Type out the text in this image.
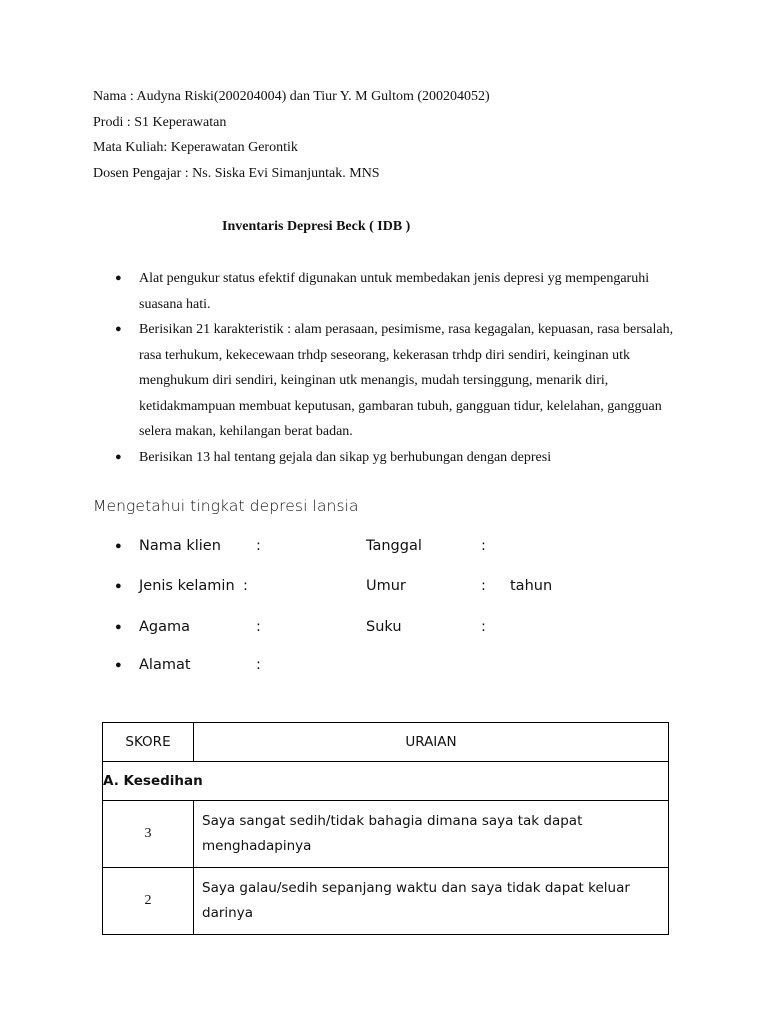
Nama : Audyna Riski(200204004) dan Tiur Y. M Gultom (200204052)
Prodi : S1 Keperawatan
Mata Kuliah: Keperawatan Gerontik
Dosen Pengajar : Ns. Siska Evi Simanjuntak. MNS
Inventaris Depresi Beck ( IDB )
● Alat pengukur status efektif digunakan untuk membedakan jenis depresi yg mempengaruhi suasana hati.
● Berisikan 21 karakteristik : alam perasaan, pesimisme, rasa kegagalan, kepuasan, rasa bersalah, rasa terhukum, kekecewaan trhdp seseorang, kekerasan trhdp diri sendiri, keinginan utk menghukum diri sendiri, keinginan utk menangis, mudah tersinggung, menarik diri, ketidakmampuan membuat keputusan, gambaran tubuh, gangguan tidur, kelelahan, gangguan selera makan, kehilangan berat badan.
● Berisikan 13 hal tentang gejala dan sikap yg berhubungan dengan depresi
Mengetahui tingkat depresi lansia
● Nama klien :	Tanggal	:
● Jenis kelamin :	Umur	: tahun
● Agama	:	Suku	:
● Alamat	:
SKORE	URAIAN
A. Kesedihan	
3	Saya sangat sedih/tidak bahagia dimana saya tak dapat menghadapinya
2	Saya galau/sedih sepanjang waktu dan saya tidak dapat keluar darinya
